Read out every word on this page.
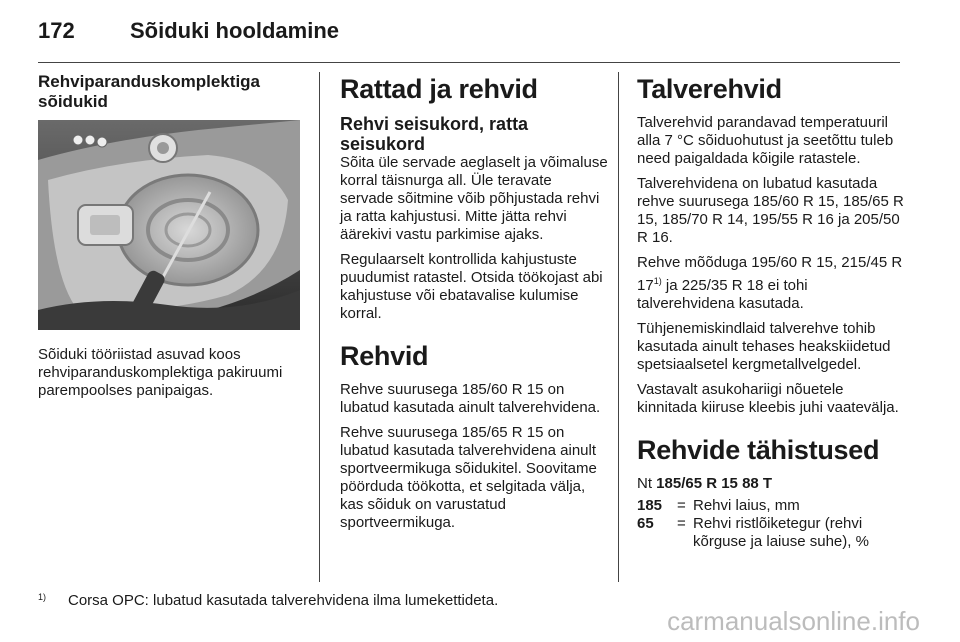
172	Sõiduki hooldamine
Rehviparanduskomplektiga sõidukid

Sõiduki tööriistad asuvad koos rehviparanduskomplektiga pakiruumi parempoolses panipaigas.

Rattad ja rehvid
Rehvi seisukord, ratta seisukord

Sõita üle servade aeglaselt ja võimaluse korral täisnurga all. Üle teravate servade sõitmine võib põhjustada rehvi ja ratta kahjustusi. Mitte jätta rehvi äärekivi vastu parkimise ajaks.

Regulaarselt kontrollida kahjustuste puudumist ratastel. Otsida töökojast abi kahjustuse või ebatavalise kulumise korral.

Rehvid

Rehve suurusega 185/60 R 15 on lubatud kasutada ainult talverehvidena.

Rehve suurusega 185/65 R 15 on lubatud kasutada talverehvidena ainult sportveermikuga sõidukitel. Soovitame pöörduda töökotta, et selgitada välja, kas sõiduk on varustatud sportveermikuga.

Talverehvid

Talverehvid parandavad temperatuuril alla 7 °C sõiduohutust ja seetõttu tuleb need paigaldada kõigile ratastele.

Talverehvidena on lubatud kasutada rehve suurusega 185/60 R 15, 185/65 R 15, 185/70 R 14, 195/55 R 16 ja 205/50 R 16.

Rehve mõõduga 195/60 R 15, 215/45 R 17$^{1)}$ ja 225/35 R 18 ei tohi talverehvidena kasutada.

Tühjenemiskindlaid talverehve tohib kasutada ainult tehases heakskiidetud spetsiaalsetel kergmetallvelgedel.

Vastavalt asukohariigi nõuetele kinnitada kiiruse kleebis juhi vaatevälja.

Rehvide tähistused

Nt 185/65 R 15 88 T

185 = Rehvi laius, mm
65	= Rehvi ristlõiketegur (rehvi kõrguse ja laiuse suhe), %
1)	Corsa OPC: lubatud kasutada talverehvidena ilma lumekettideta.
carmanualsonline.info
